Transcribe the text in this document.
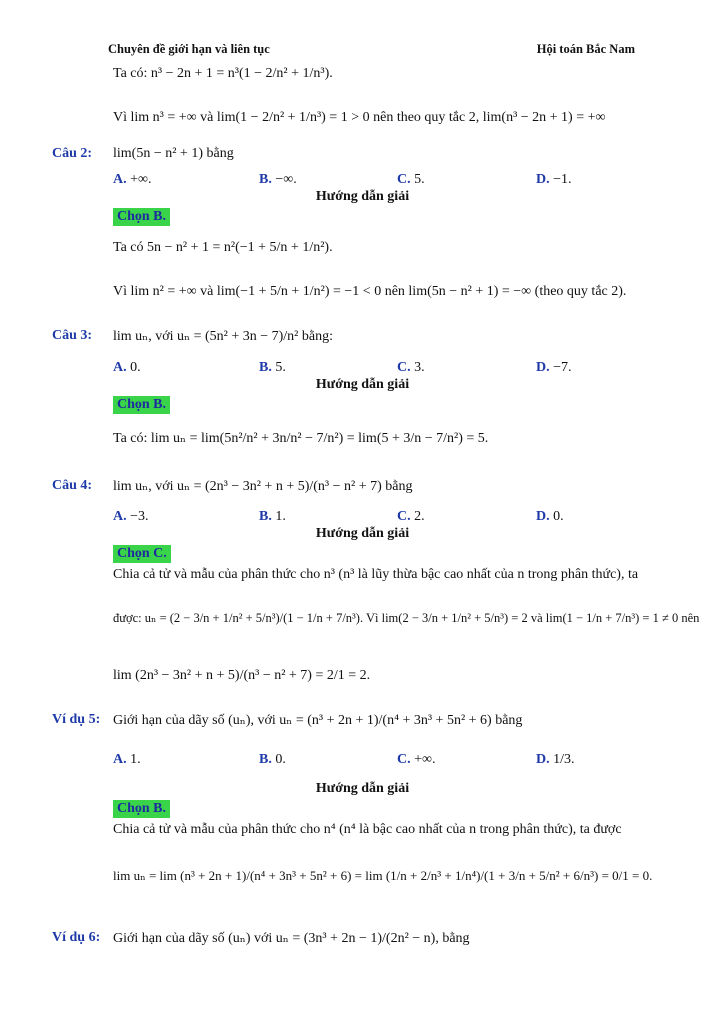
Chuyên đề giới hạn và liên tục	Hội toán Bắc Nam
Ta có: n³ − 2n + 1 = n³(1 − 2/n² + 1/n³).
Vì lim n³ = +∞ và lim(1 − 2/n² + 1/n³) = 1 > 0 nên theo quy tắc 2, lim(n³ − 2n + 1) = +∞
Câu 2: lim(5n − n² + 1) bằng
A. +∞.	B. −∞.	C. 5.	D. −1.
Hướng dẫn giải
Chọn B.
Ta có 5n − n² + 1 = n²(−1 + 5/n + 1/n²).
Vì lim n² = +∞ và lim(−1 + 5/n + 1/n²) = −1 < 0 nên lim(5n − n² + 1) = −∞ (theo quy tắc 2).
Câu 3: lim uₙ, với uₙ = (5n² + 3n − 7)/n² bằng:
A. 0.	B. 5.	C. 3.	D. −7.
Hướng dẫn giải
Chọn B.
Ta có: lim uₙ = lim(5n²/n² + 3n/n² − 7/n²) = lim(5 + 3/n − 7/n²) = 5.
Câu 4: lim uₙ, với uₙ = (2n³ − 3n² + n + 5)/(n³ − n² + 7) bằng
A. −3.	B. 1.	C. 2.	D. 0.
Hướng dẫn giải
Chọn C.
Chia cả tử và mẫu của phân thức cho n³ (n³ là lũy thừa bậc cao nhất của n trong phân thức), ta
được: uₙ = (2 − 3/n + 1/n² + 5/n³)/(1 − 1/n + 7/n³). Vì lim(2 − 3/n + 1/n² + 5/n³) = 2 và lim(1 − 1/n + 7/n³) = 1 ≠ 0 nên
lim (2n³ − 3n² + n + 5)/(n³ − n² + 7) = 2/1 = 2.
Ví dụ 5: Giới hạn của dãy số (uₙ), với uₙ = (n³ + 2n + 1)/(n⁴ + 3n³ + 5n² + 6) bằng
A. 1.	B. 0.	C. +∞.	D. 1/3.
Hướng dẫn giải
Chọn B.
Chia cả tử và mẫu của phân thức cho n⁴ (n⁴ là bậc cao nhất của n trong phân thức), ta được
lim uₙ = lim (n³ + 2n + 1)/(n⁴ + 3n³ + 5n² + 6) = lim (1/n + 2/n³ + 1/n⁴)/(1 + 3/n + 5/n² + 6/n³) = 0/1 = 0.
Ví dụ 6: Giới hạn của dãy số (uₙ) với uₙ = (3n³ + 2n − 1)/(2n² − n), bằng
